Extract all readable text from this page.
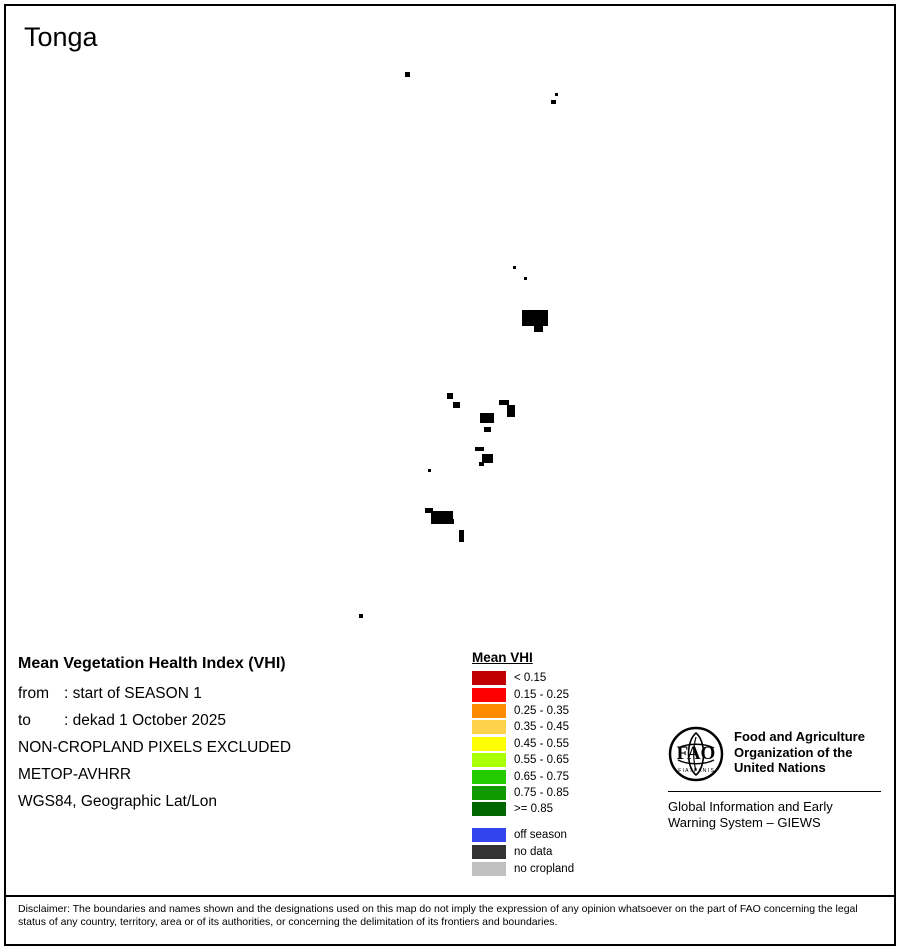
Tonga
Mean Vegetation Health Index (VHI)
from : start of SEASON 1
to : dekad 1 October 2025
NON-CROPLAND PIXELS EXCLUDED
METOP-AVHRR
WGS84, Geographic Lat/Lon
Mean VHI
< 0.15
0.15 - 0.25
0.25 - 0.35
0.35 - 0.45
0.45 - 0.55
0.55 - 0.65
0.65 - 0.75
0.75 - 0.85
>= 0.85
off season
no data
no cropland
FAO
F I A T P A N I S
Food and Agriculture
Organization of the
United Nations
Global Information and Early
Warning System – GIEWS
Disclaimer: The boundaries and names shown and the designations used on this map do not imply the expression of any opinion whatsoever on the part of FAO concerning the legal status of any country, territory, area or of its authorities, or concerning the delimitation of its frontiers and boundaries.
